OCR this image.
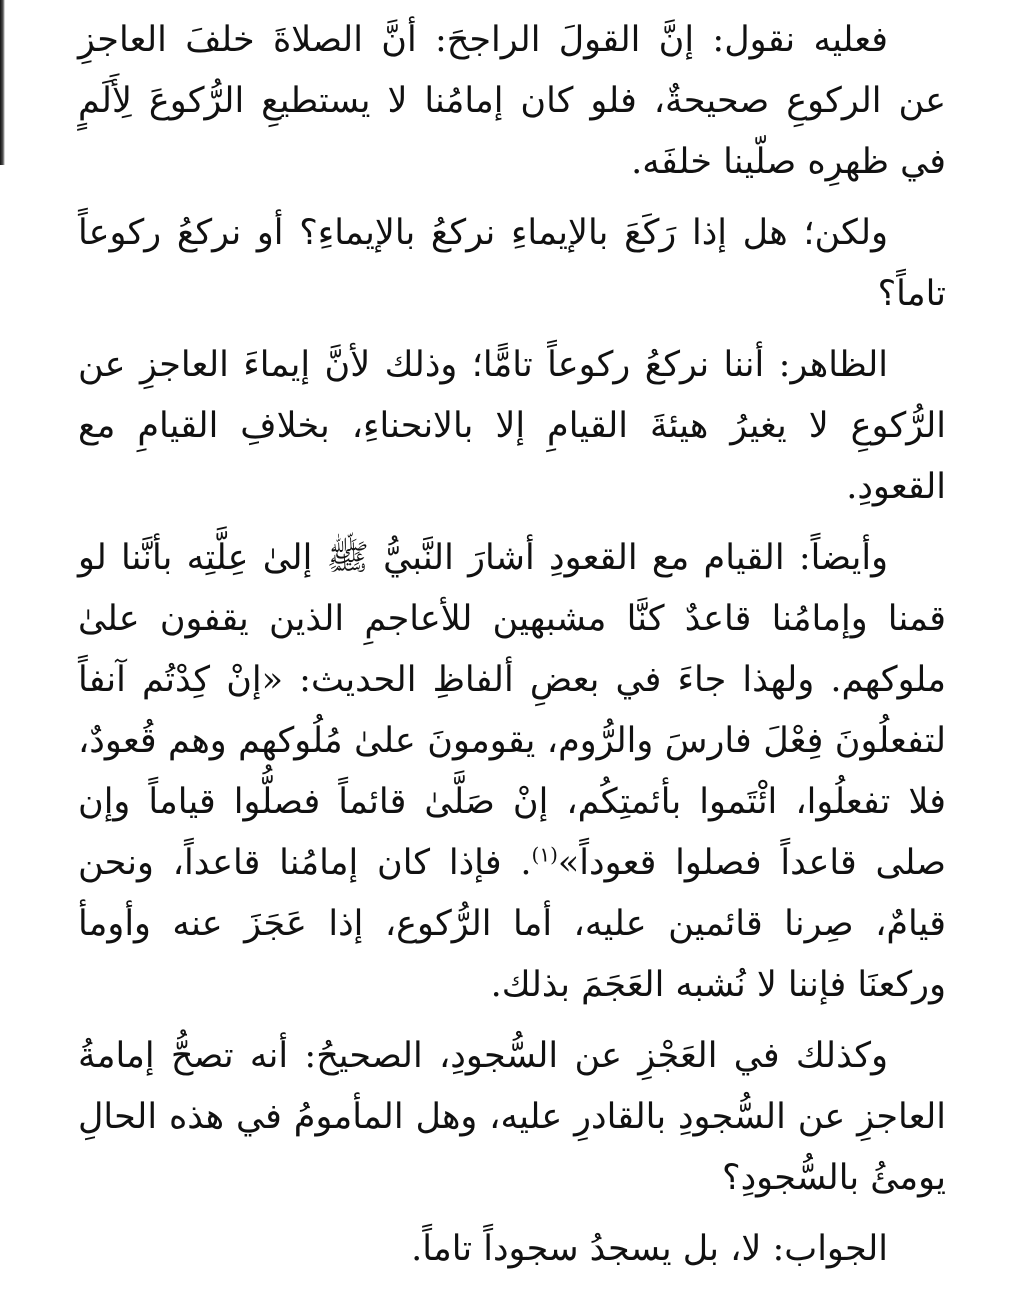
فعليه نقول: إنَّ القولَ الراجحَ: أنَّ الصلاةَ خلفَ العاجزِ عن الركوعِ صحيحةٌ، فلو كان إمامُنا لا يستطيعِ الرُّكوعَ لِأَلَمٍ في ظهرِه صلّينا خلفَه.

ولكن؛ هل إذا رَكَعَ بالإيماءِ نركعُ بالإيماءِ؟ أو نركعُ ركوعاً تاماً؟

الظاهر: أننا نركعُ ركوعاً تامًّا؛ وذلك لأنَّ إيماءَ العاجزِ عن الرُّكوعِ لا يغيرُ هيئةَ القيامِ إلا بالانحناءِ، بخلافِ القيامِ مع القعودِ.

وأيضاً: القيام مع القعودِ أشارَ النَّبيُّ ﷺ إلىٰ عِلَّتِه بأنَّنا لو قمنا وإمامُنا قاعدٌ كنَّا مشبهين للأعاجمِ الذين يقفون علىٰ ملوكهم. ولهذا جاءَ في بعضِ ألفاظِ الحديث: «إنْ كِدْتُم آنفاً لتفعلُونَ فِعْلَ فارسَ والرُّوم، يقومونَ علىٰ مُلُوكهم وهم قُعودٌ، فلا تفعلُوا، ائْتَموا بأئمتِكُم، إنْ صَلَّىٰ قائماً فصلُّوا قياماً وإن صلى قاعداً فصلوا قعوداً»$^{(١)}$. فإذا كان إمامُنا قاعداً، ونحن قيامٌ، صِرنا قائمين عليه، أما الرُّكوع، إذا عَجَزَ عنه وأومأ وركعنَا فإننا لا نُشبه العَجَمَ بذلك.

وكذلك في العَجْزِ عن السُّجودِ، الصحيحُ: أنه تصحُّ إمامةُ العاجزِ عن السُّجودِ بالقادرِ عليه، وهل المأمومُ في هذه الحالِ يومئُ بالسُّجودِ؟

الجواب: لا، بل يسجدُ سجوداً تاماً.
